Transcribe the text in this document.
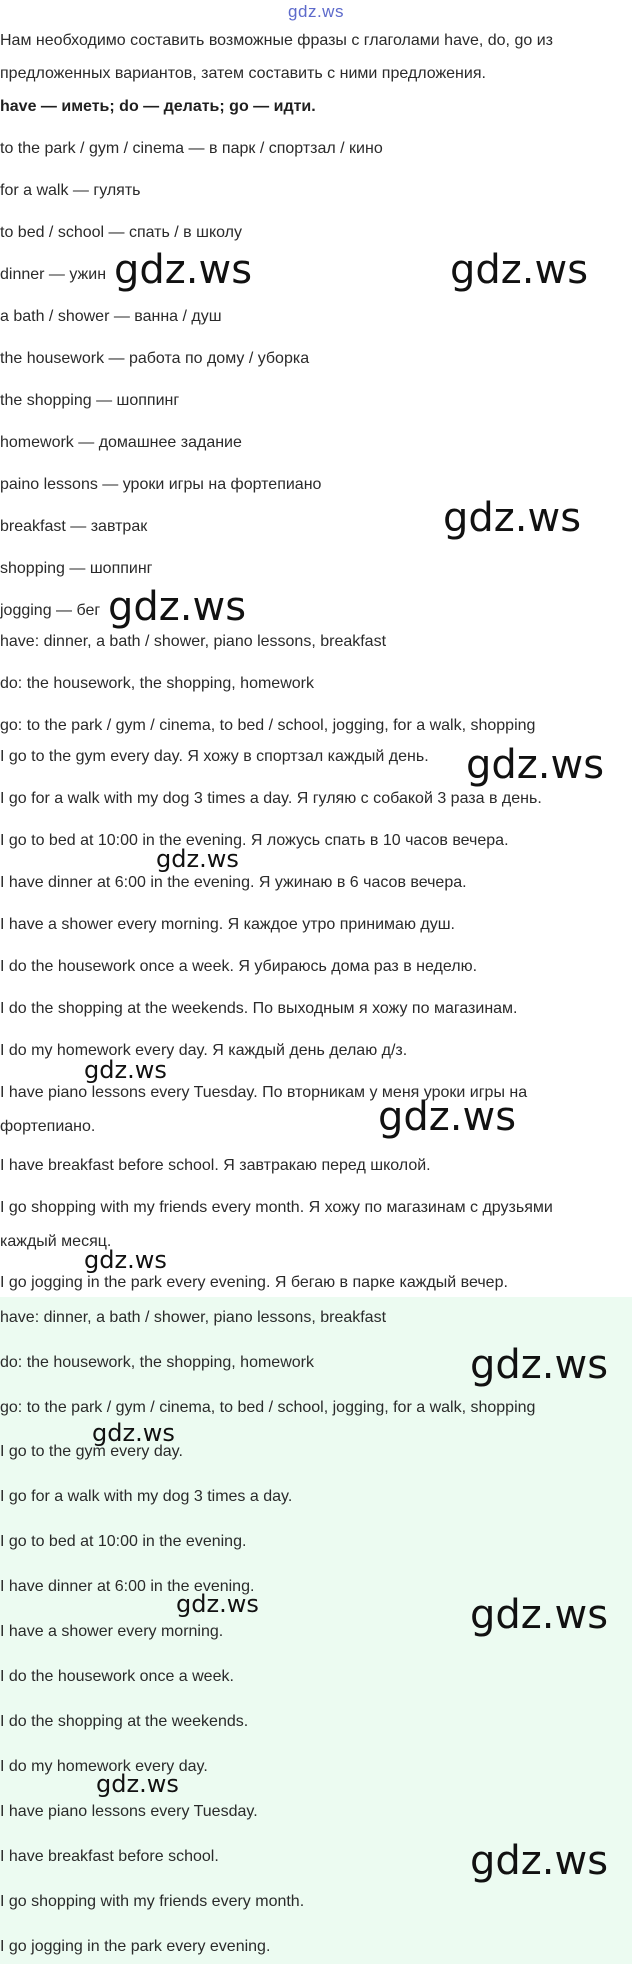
gdz.ws
Нам необходимо составить возможные фразы с глаголами have, do, go из
предложенных вариантов, затем составить с ними предложения.
have — иметь; do — делать; go — идти.
to the park / gym / cinema — в парк / спортзал / кино
for a walk — гулять
to bed / school — спать / в школу
dinner — ужин
a bath / shower — ванна / душ
the housework — работа по дому / уборка
the shopping — шоппинг
homework — домашнее задание
paino lessons — уроки игры на фортепиано
breakfast — завтрак
shopping — шоппинг
jogging — бег
have: dinner, a bath / shower, piano lessons, breakfast
do: the housework, the shopping, homework
go: to the park / gym / cinema, to bed / school, jogging, for a walk, shopping
I go to the gym every day. Я хожу в спортзал каждый день.
I go for a walk with my dog 3 times a day. Я гуляю с собакой 3 раза в день.
I go to bed at 10:00 in the evening. Я ложусь спать в 10 часов вечера.
I have dinner at 6:00 in the evening. Я ужинаю в 6 часов вечера.
I have a shower every morning. Я каждое утро принимаю душ.
I do the housework once a week. Я убираюсь дома раз в неделю.
I do the shopping at the weekends. По выходным я хожу по магазинам.
I do my homework every day. Я каждый день делаю д/з.
I have piano lessons every Tuesday. По вторникам у меня уроки игры на
фортепиано.
I have breakfast before school. Я завтракаю перед школой.
I go shopping with my friends every month. Я хожу по магазинам с друзьями
каждый месяц.
I go jogging in the park every evening. Я бегаю в парке каждый вечер.
have: dinner, a bath / shower, piano lessons, breakfast
do: the housework, the shopping, homework
go: to the park / gym / cinema, to bed / school, jogging, for a walk, shopping
I go to the gym every day.
I go for a walk with my dog 3 times a day.
I go to bed at 10:00 in the evening.
I have dinner at 6:00 in the evening.
I have a shower every morning.
I do the housework once a week.
I do the shopping at the weekends.
I do my homework every day.
I have piano lessons every Tuesday.
I have breakfast before school.
I go shopping with my friends every month.
I go jogging in the park every evening.
gdz.ws	gdz.ws
gdz.ws
gdz.ws
gdz.ws
gdz.ws
gdz.ws
gdz.ws
gdz.ws
gdz.ws
gdz.ws
gdz.ws	gdz.ws
gdz.ws
gdz.ws
